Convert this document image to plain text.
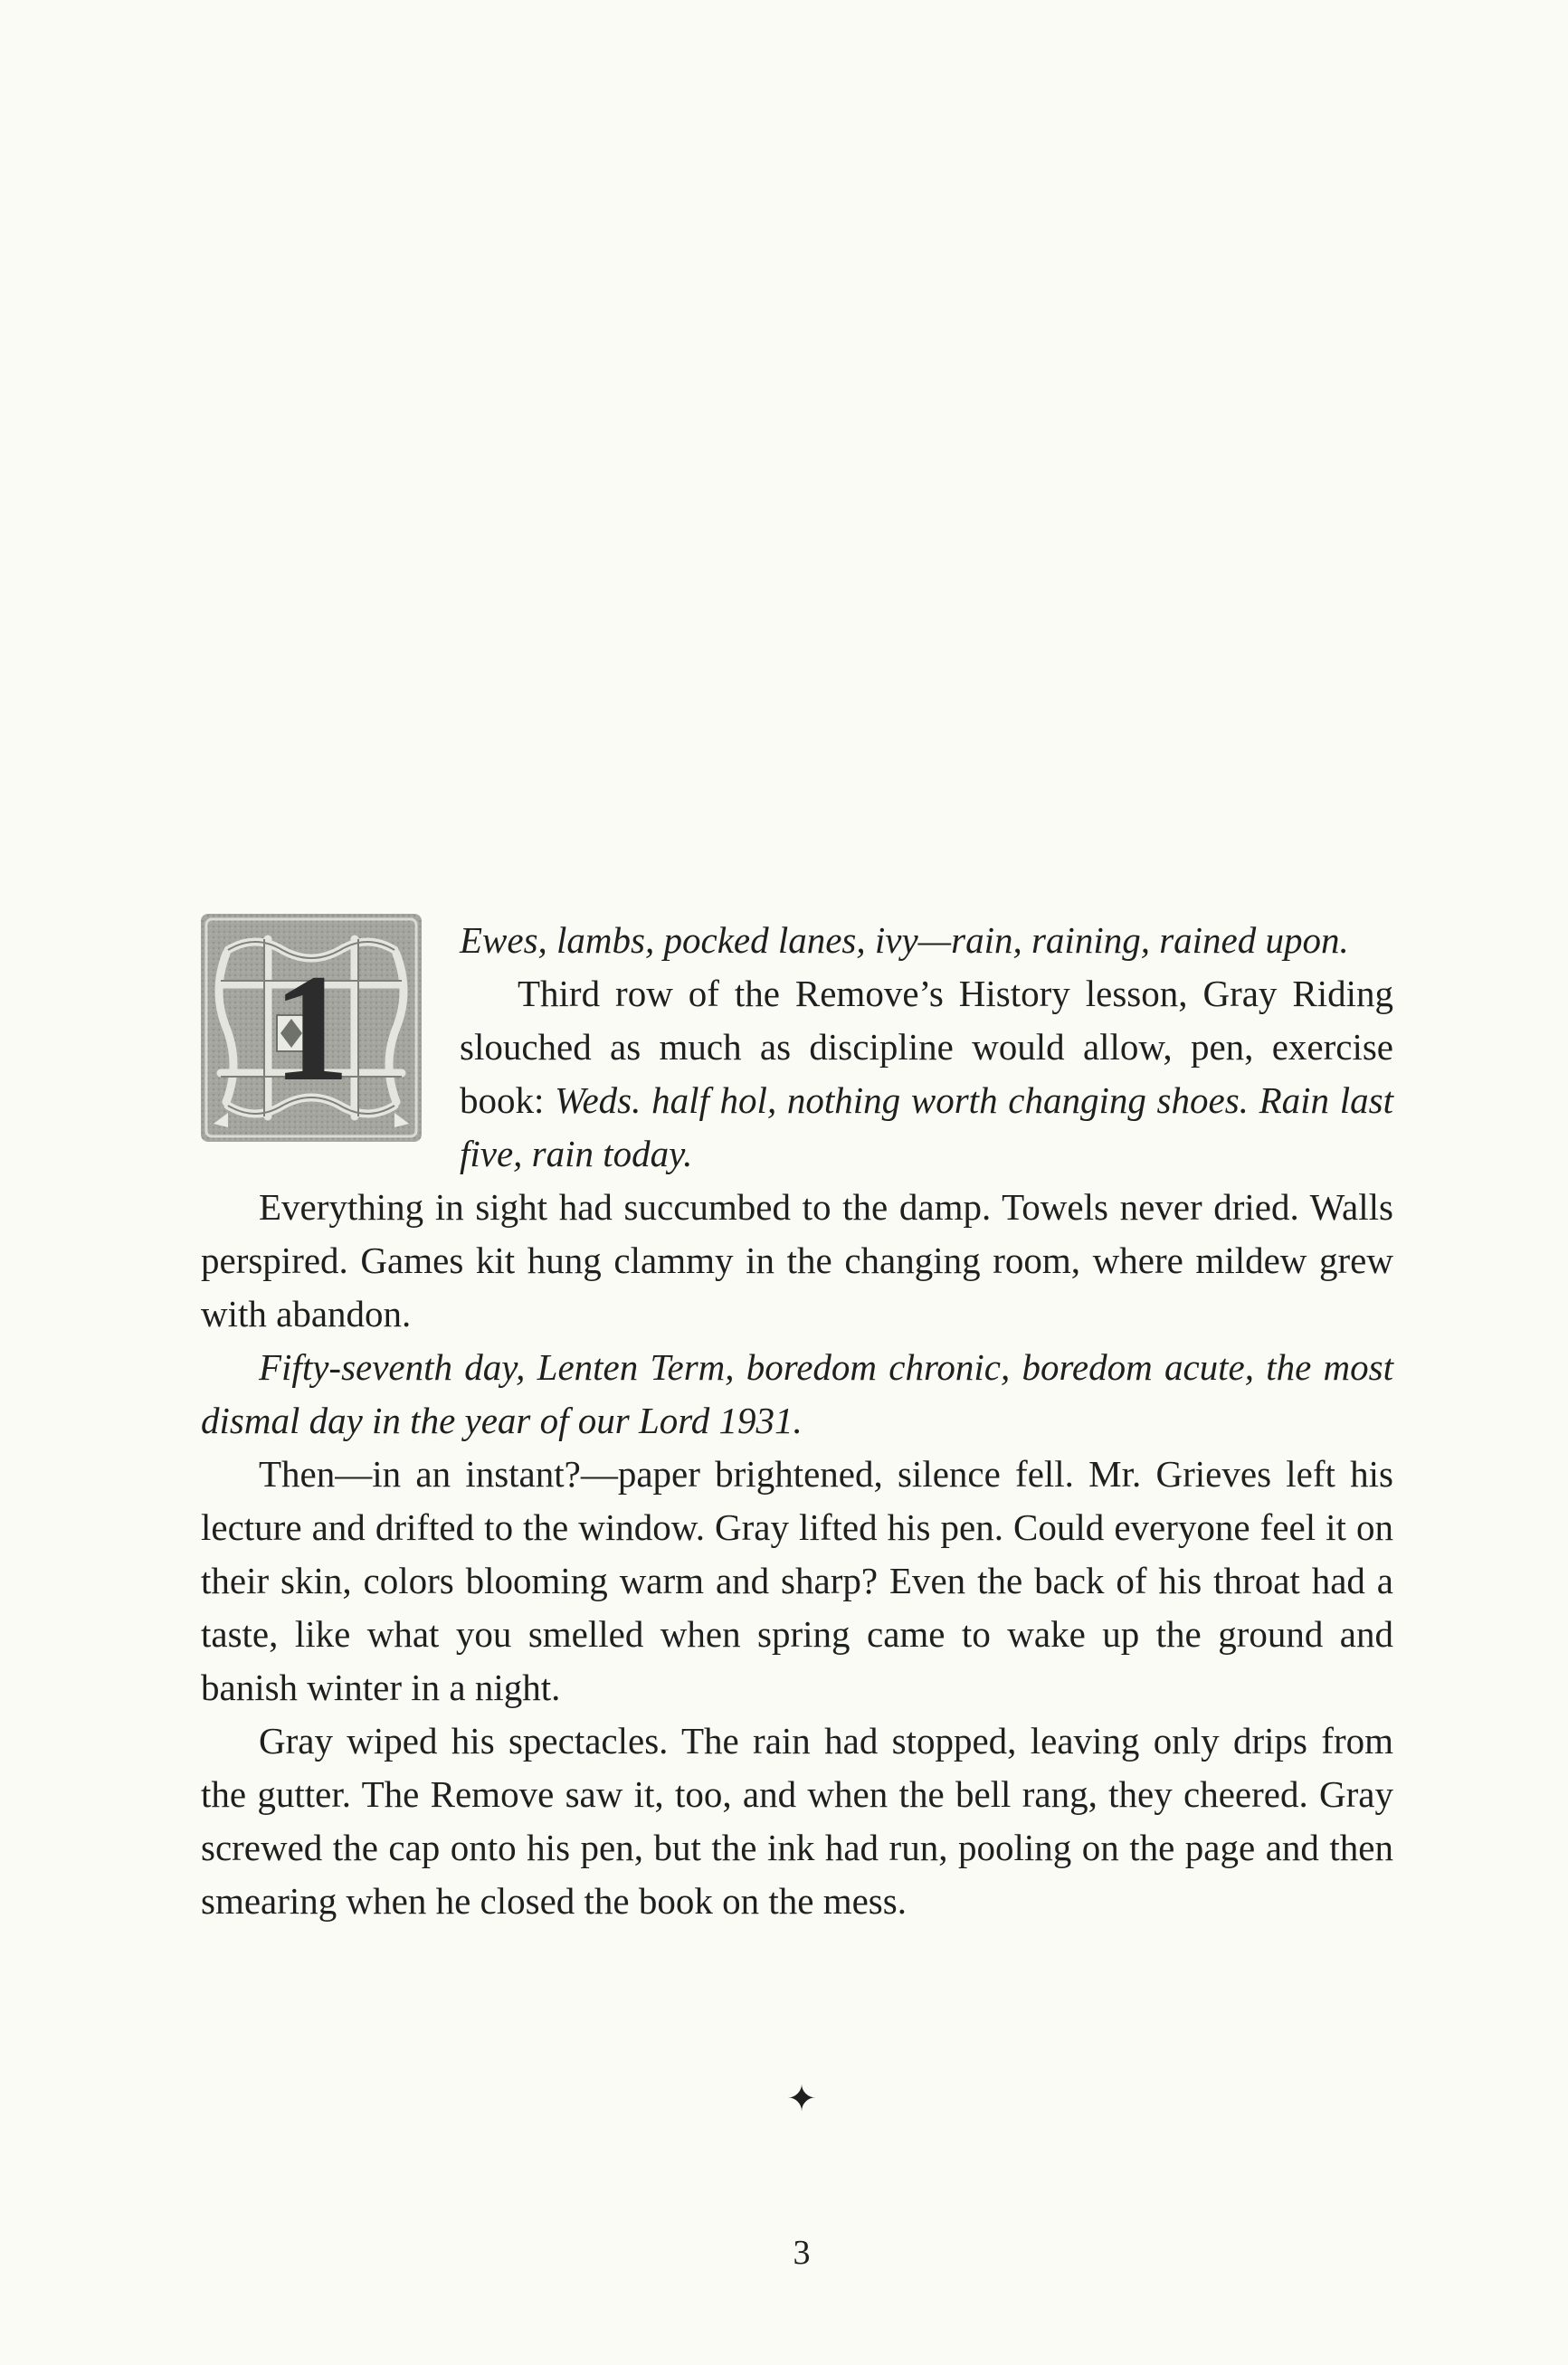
1

Ewes, lambs, pocked lanes, ivy—rain, raining, rained upon.

Third row of the Remove’s History lesson, Gray Riding slouched as much as discipline would allow, pen, exercise book: Weds. half hol, nothing worth changing shoes. Rain last five, rain today.

Everything in sight had succumbed to the damp. Towels never dried. Walls perspired. Games kit hung clammy in the changing room, where mildew grew with abandon.

Fifty-seventh day, Lenten Term, boredom chronic, boredom acute, the most dismal day in the year of our Lord 1931.

Then—in an instant?—paper brightened, silence fell. Mr. Grieves left his lecture and drifted to the window. Gray lifted his pen. Could everyone feel it on their skin, colors blooming warm and sharp? Even the back of his throat had a taste, like what you smelled when spring came to wake up the ground and banish winter in a night.

Gray wiped his spectacles. The rain had stopped, leaving only drips from the gutter. The Remove saw it, too, and when the bell rang, they cheered. Gray screwed the cap onto his pen, but the ink had run, pooling on the page and then smearing when he closed the book on the mess.

✦
3
